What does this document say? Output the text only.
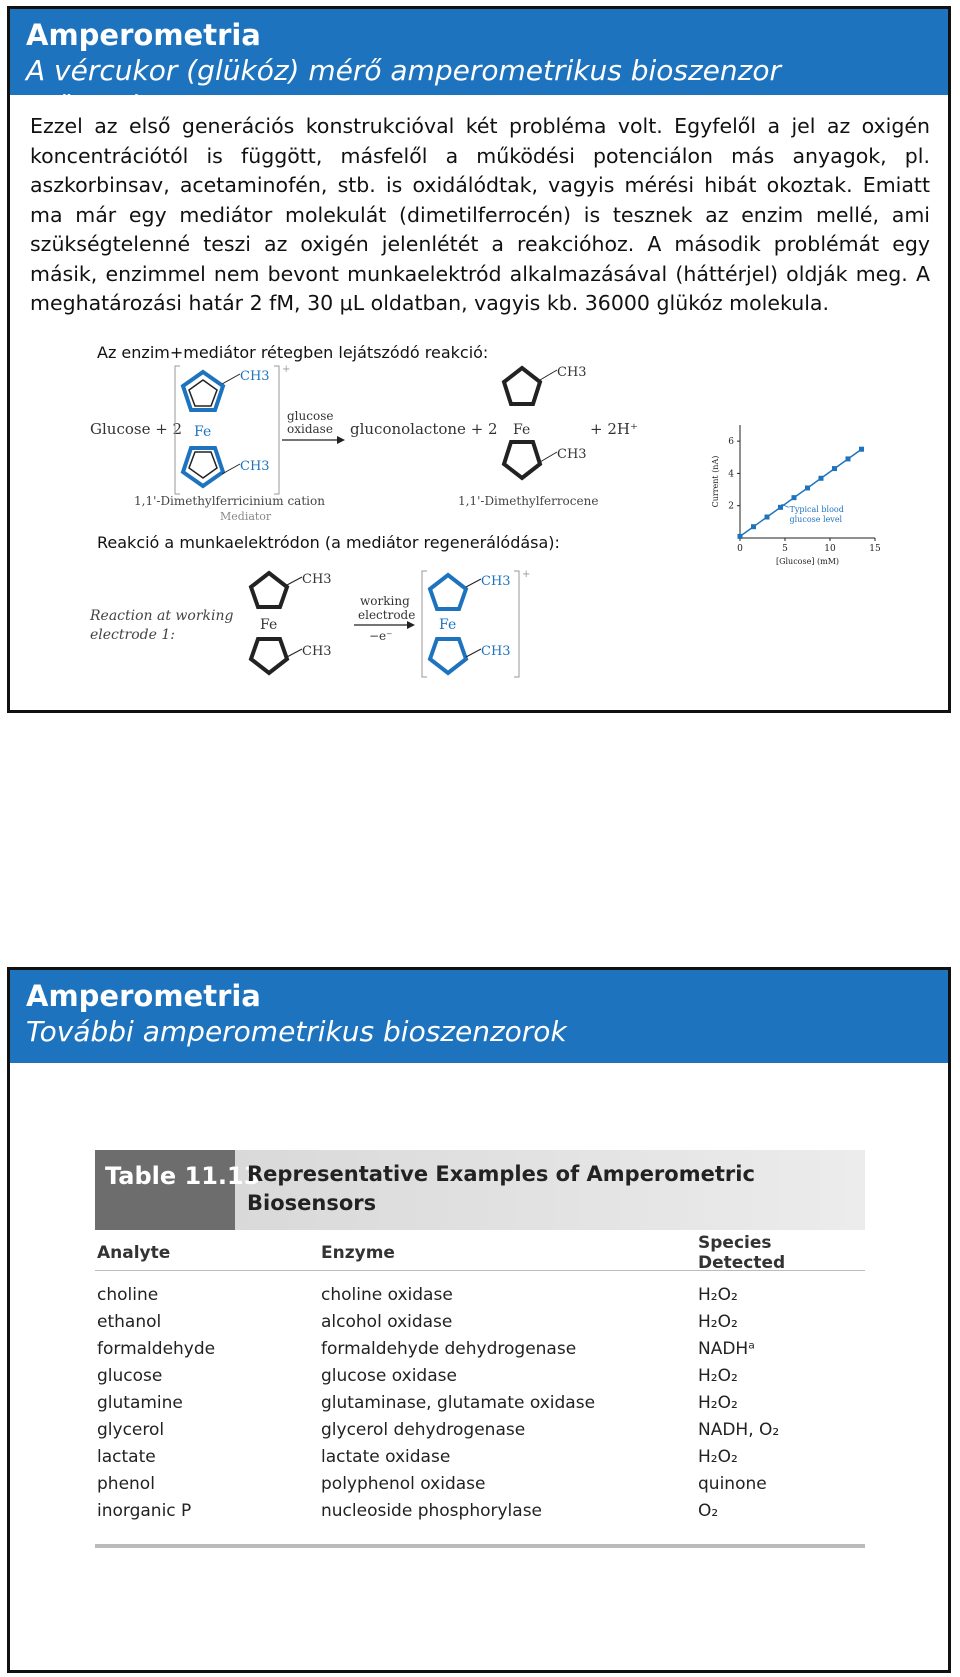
Amperometria
A vércukor (glükóz) mérő amperometrikus bioszenzor működése
Ezzel az első generációs konstrukcióval két probléma volt. Egyfelől a jel az oxigén koncentrációtól is függött, másfelől a működési potenciálon más anyagok, pl. aszkorbinsav, acetaminofén, stb. is oxidálódtak, vagyis mérési hibát okoztak. Emiatt ma már egy mediátor molekulát (dimetilferrocén) is tesznek az enzim mellé, ami szükségtelenné teszi az oxigén jelenlétét a reakcióhoz. A második problémát egy másik, enzimmel nem bevont munkaelektród alkalmazásával (háttérjel) oldják meg. A meghatározási határ 2 fM, 30 μL oldatban, vagyis kb. 36000 glükóz molekula.
Az enzim+mediátor rétegben lejátszódó reakció:
Reakció a munkaelektródon (a mediátor regenerálódása):
Glucose + 2 Fe
CH3
CH3
+
glucose
oxidase gluconolactone + 2 Fe
CH3
CH3
+ 2H⁺
1,1'-Dimethylferricinium cation
Mediator
1,1'-Dimethylferrocene
Reaction at working
electrode 1:
Fe
CH3
CH3
working
electrode
−e⁻
Fe
CH3
CH3
+
0	5	10	15
2
4
6
[Glucose] (mM)
Current (nA)
Typical blood
glucose level
Amperometria
További amperometrikus bioszenzorok
Table 11.13
Representative Examples of Amperometric Biosensors
Analyte	Enzyme	Species Detected
choline	choline oxidase	H₂O₂
ethanol	alcohol oxidase	H₂O₂
formaldehyde	formaldehyde dehydrogenase	NADHᵃ
glucose	glucose oxidase	H₂O₂
glutamine	glutaminase, glutamate oxidase	H₂O₂
glycerol	glycerol dehydrogenase	NADH, O₂
lactate	lactate oxidase	H₂O₂
phenol	polyphenol oxidase	quinone
inorganic P	nucleoside phosphorylase	O₂
